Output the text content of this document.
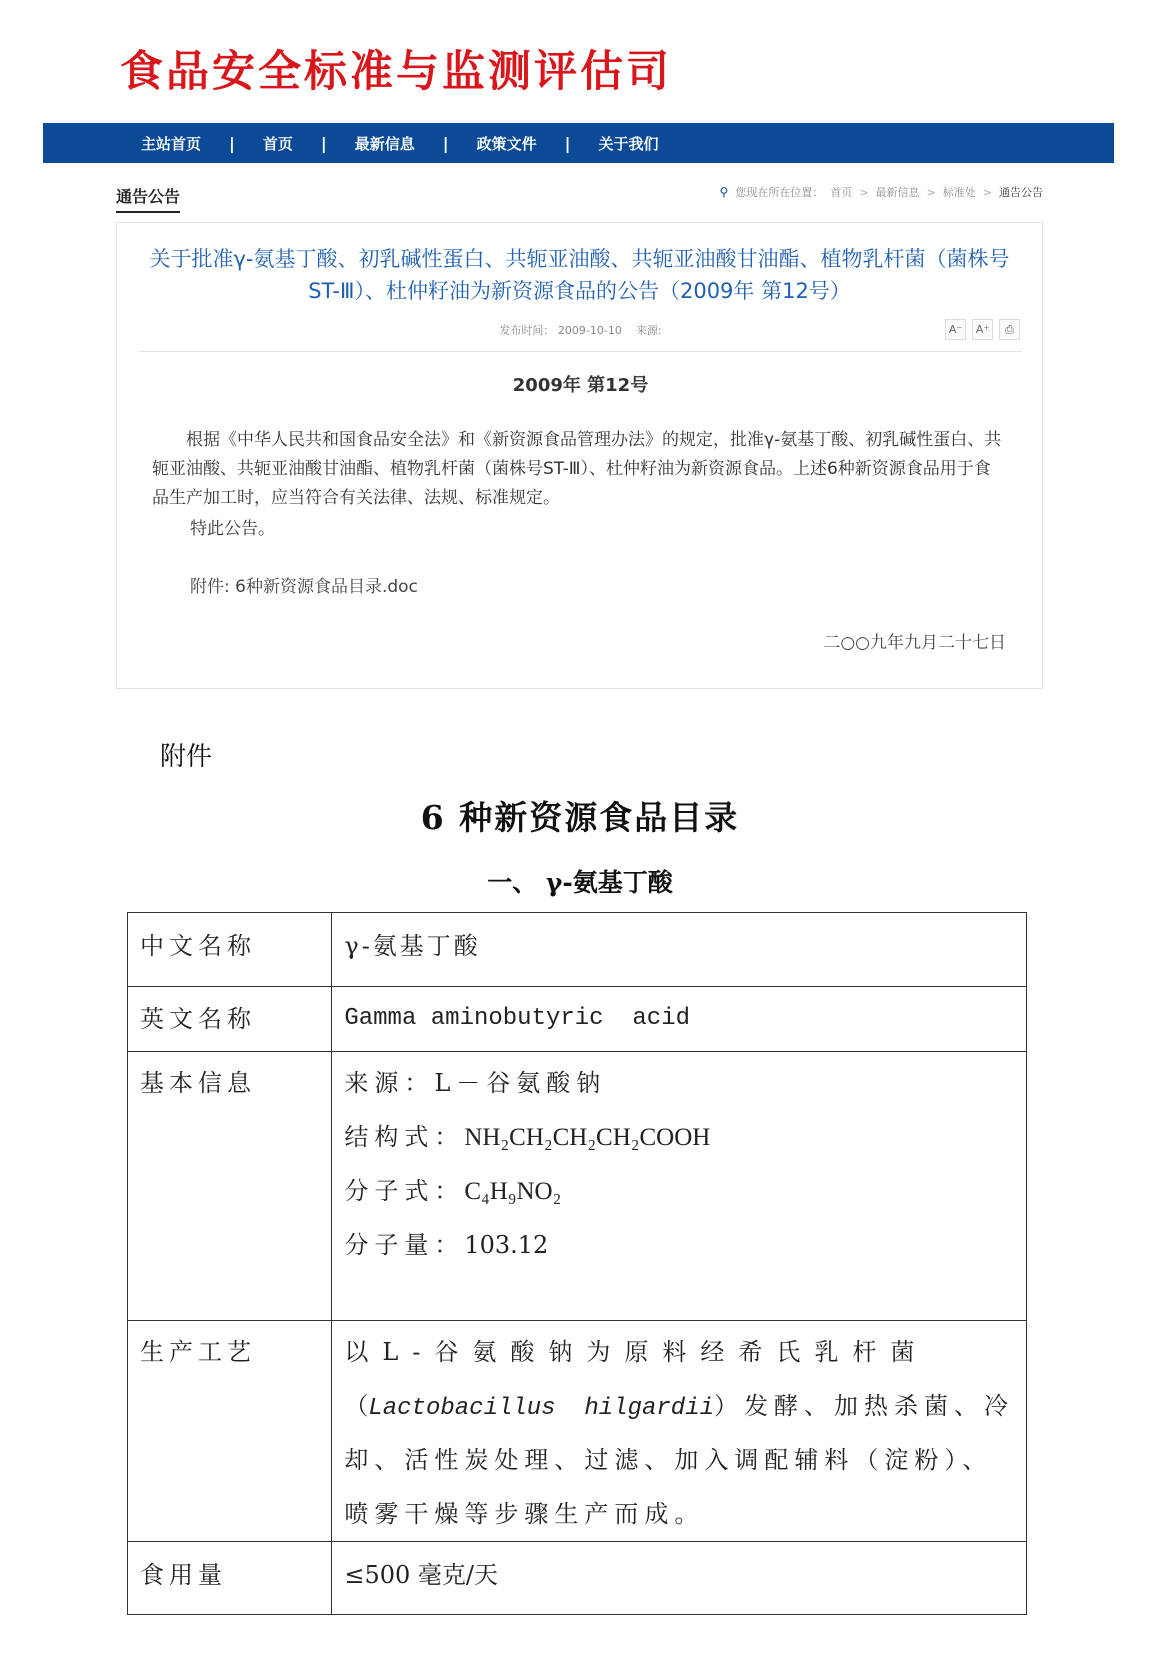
食品安全标准与监测评估司
主站首页 | 首页 | 最新信息 | 政策文件 | 关于我们
通告公告	⚲ 您现在所在位置： 首页 > 最新信息 > 标准处 > 通告公告
关于批准γ-氨基丁酸、初乳碱性蛋白、共轭亚油酸、共轭亚油酸甘油酯、植物乳杆菌（菌株号ST-Ⅲ）、杜仲籽油为新资源食品的公告（2009年 第12号）
发布时间： 2009-10-10 来源:	A⁻	A⁺	⎙
2009年 第12号
根据《中华人民共和国食品安全法》和《新资源食品管理办法》的规定，批准γ-氨基丁酸、初乳碱性蛋白、共轭亚油酸、共轭亚油酸甘油酯、植物乳杆菌（菌株号ST-Ⅲ）、杜仲籽油为新资源食品。上述6种新资源食品用于食品生产加工时，应当符合有关法律、法规、标准规定。
特此公告。
附件: 6种新资源食品目录.doc
二○○九年九月二十七日
附件
6 种新资源食品目录
一、 γ-氨基丁酸
中文名称	γ-氨基丁酸

英文名称	Gamma aminobutyric  acid

基本信息	来源：L－谷氨酸钠
结构式：NH₂CH₂CH₂CH₂COOH
分子式：C₄H₉NO₂
分子量：103.12

生产工艺	以L-谷氨酸钠为原料经希氏乳杆菌
（Lactobacillus  hilgardii）发酵、加热杀菌、冷
却、活性炭处理、过滤、加入调配辅料（淀粉）、
喷雾干燥等步骤生产而成。

食用量	≤500 毫克/天
